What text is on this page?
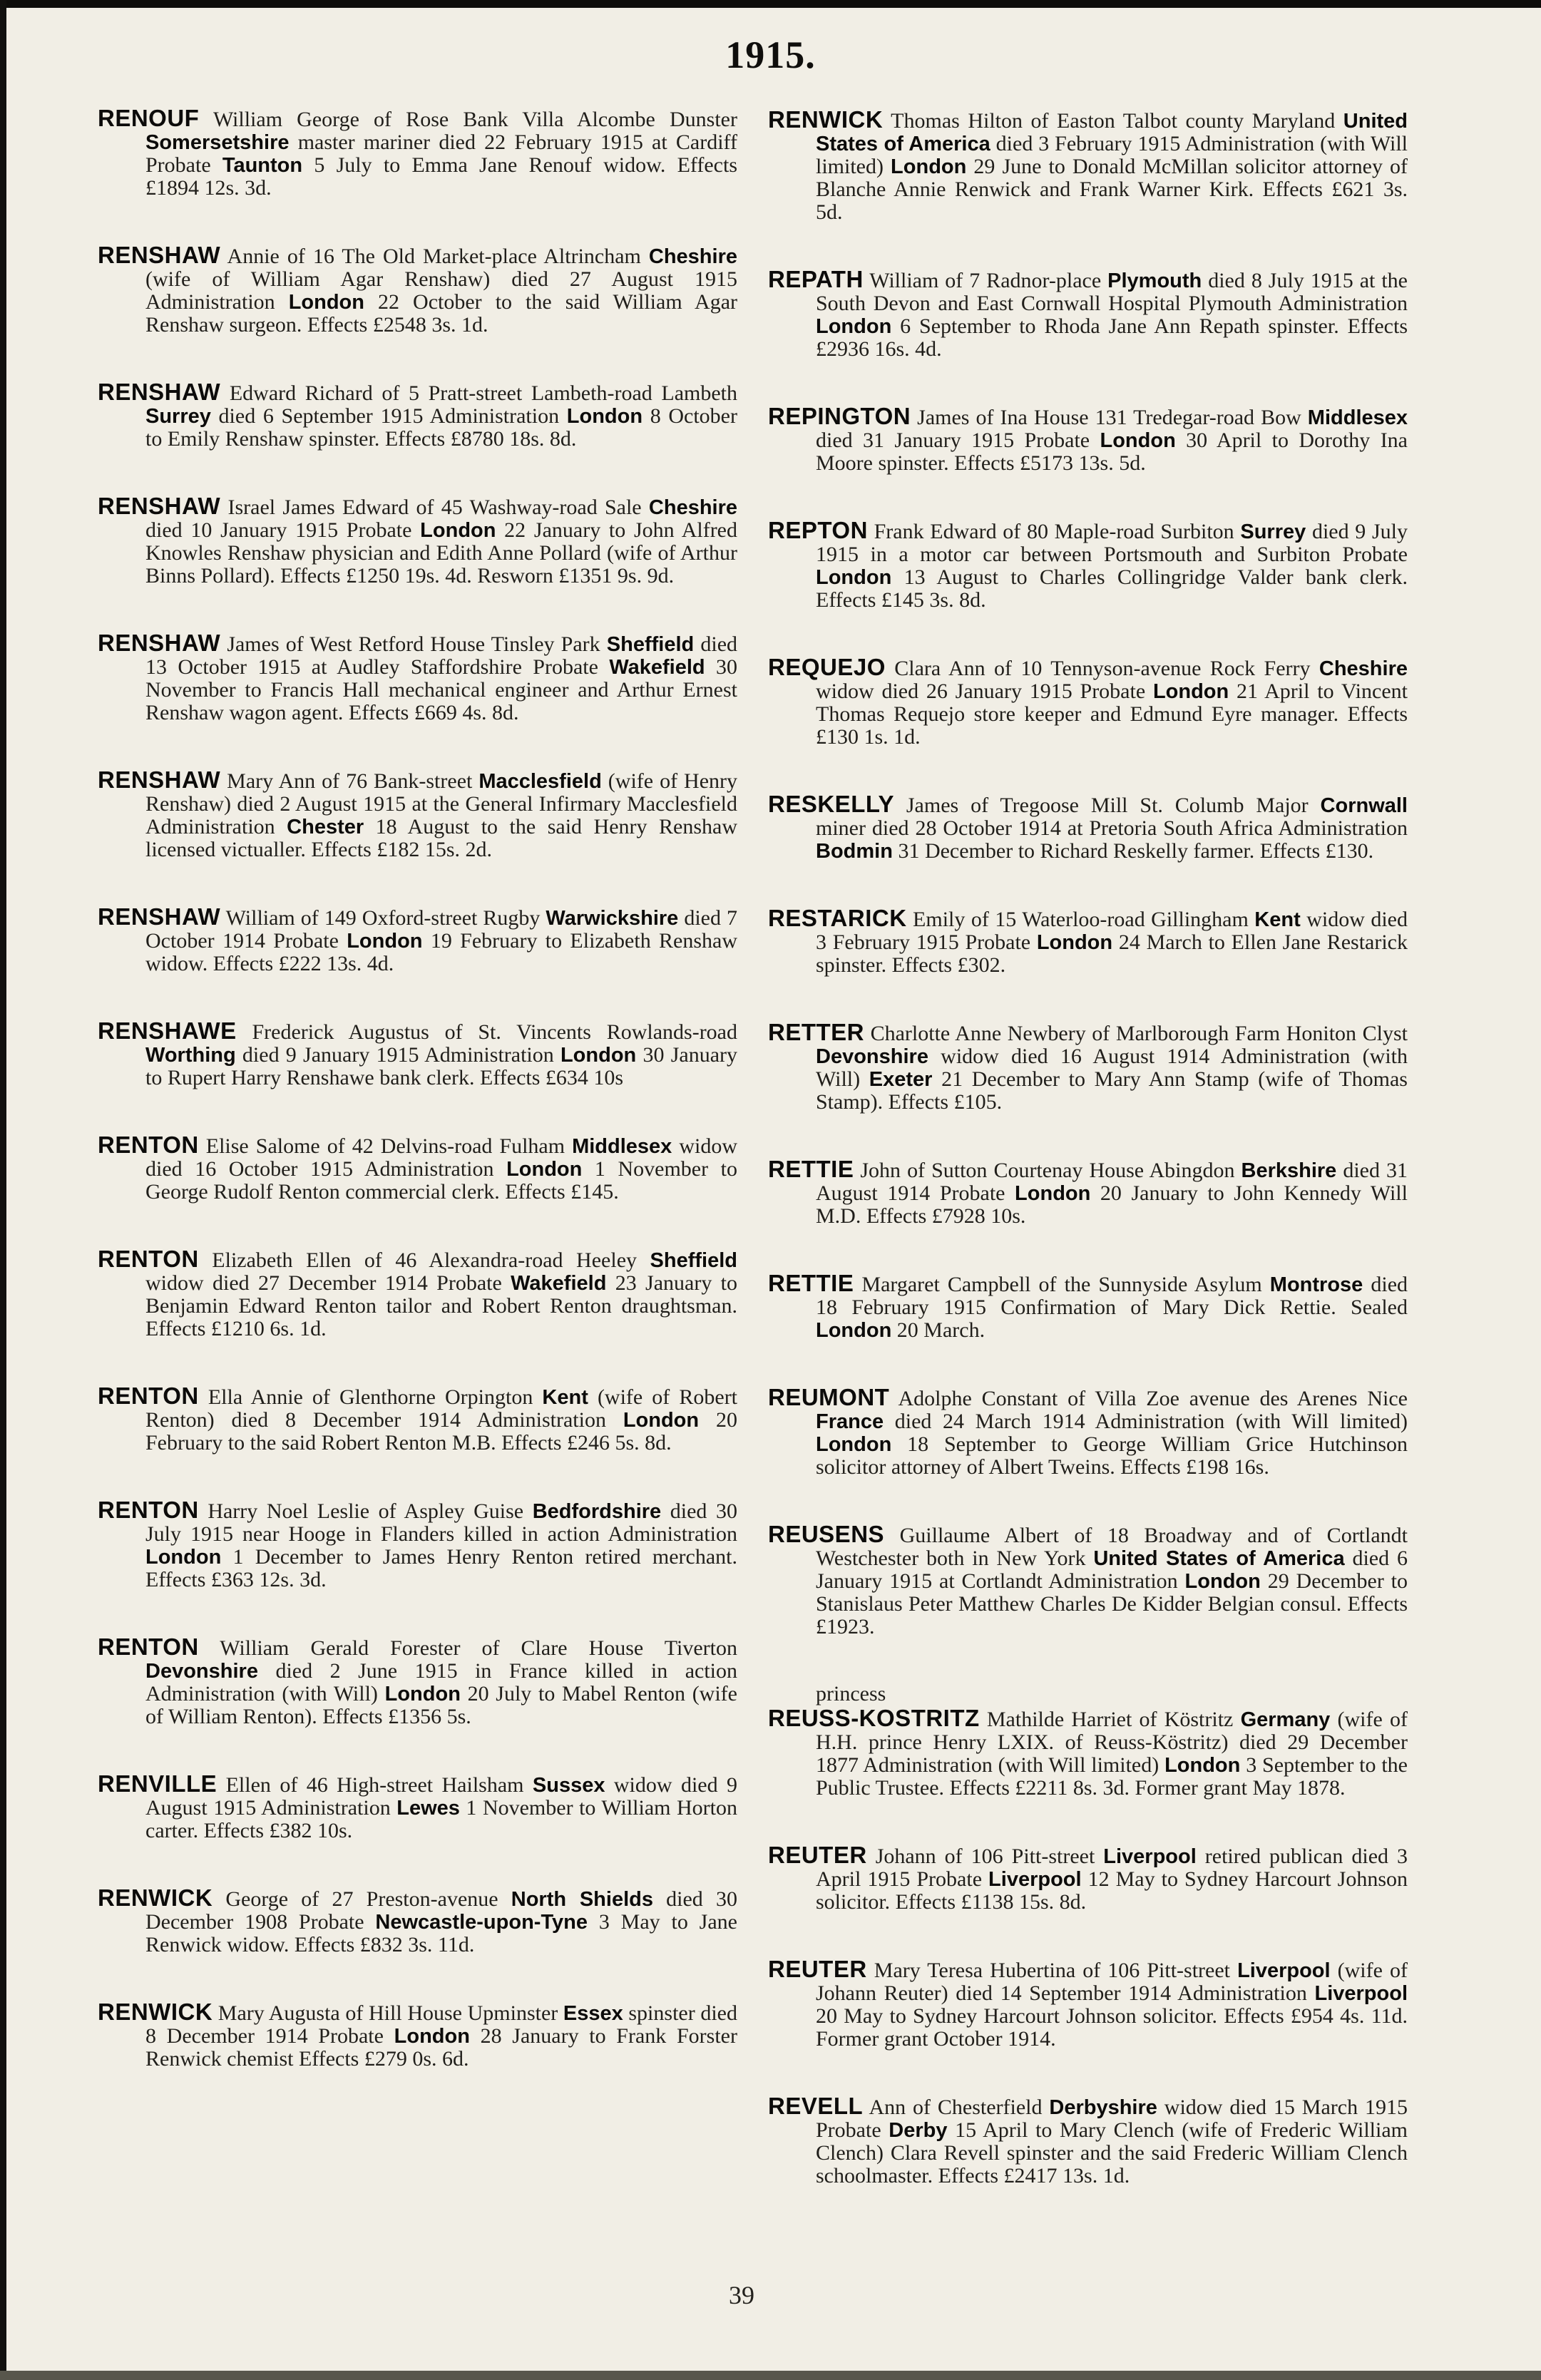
1915.

RENOUF William George of Rose Bank Villa Alcombe Dunster Somersetshire master mariner died 22 February 1915 at Cardiff Probate Taunton 5 July to Emma Jane Renouf widow. Effects £1894 12s. 3d.

RENSHAW Annie of 16 The Old Market-place Altrincham Cheshire (wife of William Agar Renshaw) died 27 August 1915 Administration London 22 October to the said William Agar Renshaw surgeon. Effects £2548 3s. 1d.

RENSHAW Edward Richard of 5 Pratt-street Lambeth-road Lambeth Surrey died 6 September 1915 Administration London 8 October to Emily Renshaw spinster. Effects £8780 18s. 8d.

RENSHAW Israel James Edward of 45 Washway-road Sale Cheshire died 10 January 1915 Probate London 22 January to John Alfred Knowles Renshaw physician and Edith Anne Pollard (wife of Arthur Binns Pollard). Effects £1250 19s. 4d. Resworn £1351 9s. 9d.

RENSHAW James of West Retford House Tinsley Park Sheffield died 13 October 1915 at Audley Staffordshire Probate Wakefield 30 November to Francis Hall mechanical engineer and Arthur Ernest Renshaw wagon agent. Effects £669 4s. 8d.

RENSHAW Mary Ann of 76 Bank-street Macclesfield (wife of Henry Renshaw) died 2 August 1915 at the General Infirmary Macclesfield Administration Chester 18 August to the said Henry Renshaw licensed victualler. Effects £182 15s. 2d.

RENSHAW William of 149 Oxford-street Rugby Warwickshire died 7 October 1914 Probate London 19 February to Elizabeth Renshaw widow. Effects £222 13s. 4d.

RENSHAWE Frederick Augustus of St. Vincents Rowlands-road Worthing died 9 January 1915 Administration London 30 January to Rupert Harry Renshawe bank clerk. Effects £634 10s

RENTON Elise Salome of 42 Delvins-road Fulham Middlesex widow died 16 October 1915 Administration London 1 November to George Rudolf Renton commercial clerk. Effects £145.

RENTON Elizabeth Ellen of 46 Alexandra-road Heeley Sheffield widow died 27 December 1914 Probate Wakefield 23 January to Benjamin Edward Renton tailor and Robert Renton draughtsman. Effects £1210 6s. 1d.

RENTON Ella Annie of Glenthorne Orpington Kent (wife of Robert Renton) died 8 December 1914 Administration London 20 February to the said Robert Renton M.B. Effects £246 5s. 8d.

RENTON Harry Noel Leslie of Aspley Guise Bedfordshire died 30 July 1915 near Hooge in Flanders killed in action Administration London 1 December to James Henry Renton retired merchant. Effects £363 12s. 3d.

RENTON William Gerald Forester of Clare House Tiverton Devonshire died 2 June 1915 in France killed in action Administration (with Will) London 20 July to Mabel Renton (wife of William Renton). Effects £1356 5s.

RENVILLE Ellen of 46 High-street Hailsham Sussex widow died 9 August 1915 Administration Lewes 1 November to William Horton carter. Effects £382 10s.

RENWICK George of 27 Preston-avenue North Shields died 30 December 1908 Probate Newcastle-upon-Tyne 3 May to Jane Renwick widow. Effects £832 3s. 11d.

RENWICK Mary Augusta of Hill House Upminster Essex spinster died 8 December 1914 Probate London 28 January to Frank Forster Renwick chemist Effects £279 0s. 6d.

RENWICK Thomas Hilton of Easton Talbot county Maryland United States of America died 3 February 1915 Administration (with Will limited) London 29 June to Donald McMillan solicitor attorney of Blanche Annie Renwick and Frank Warner Kirk. Effects £621 3s. 5d.

REPATH William of 7 Radnor-place Plymouth died 8 July 1915 at the South Devon and East Cornwall Hospital Plymouth Administration London 6 September to Rhoda Jane Ann Repath spinster. Effects £2936 16s. 4d.

REPINGTON James of Ina House 131 Tredegar-road Bow Middlesex died 31 January 1915 Probate London 30 April to Dorothy Ina Moore spinster. Effects £5173 13s. 5d.

REPTON Frank Edward of 80 Maple-road Surbiton Surrey died 9 July 1915 in a motor car between Portsmouth and Surbiton Probate London 13 August to Charles Collingridge Valder bank clerk. Effects £145 3s. 8d.

REQUEJO Clara Ann of 10 Tennyson-avenue Rock Ferry Cheshire widow died 26 January 1915 Probate London 21 April to Vincent Thomas Requejo store keeper and Edmund Eyre manager. Effects £130 1s. 1d.

RESKELLY James of Tregoose Mill St. Columb Major Cornwall miner died 28 October 1914 at Pretoria South Africa Administration Bodmin 31 December to Richard Reskelly farmer. Effects £130.

RESTARICK Emily of 15 Waterloo-road Gillingham Kent widow died 3 February 1915 Probate London 24 March to Ellen Jane Restarick spinster. Effects £302.

RETTER Charlotte Anne Newbery of Marlborough Farm Honiton Clyst Devonshire widow died 16 August 1914 Administration (with Will) Exeter 21 December to Mary Ann Stamp (wife of Thomas Stamp). Effects £105.

RETTIE John of Sutton Courtenay House Abingdon Berkshire died 31 August 1914 Probate London 20 January to John Kennedy Will M.D. Effects £7928 10s.

RETTIE Margaret Campbell of the Sunnyside Asylum Montrose died 18 February 1915 Confirmation of Mary Dick Rettie. Sealed London 20 March.

REUMONT Adolphe Constant of Villa Zoe avenue des Arenes Nice France died 24 March 1914 Administration (with Will limited) London 18 September to George William Grice Hutchinson solicitor attorney of Albert Tweins. Effects £198 16s.

REUSENS Guillaume Albert of 18 Broadway and of Cortlandt Westchester both in New York United States of America died 6 January 1915 at Cortlandt Administration London 29 December to Stanislaus Peter Matthew Charles De Kidder Belgian consul. Effects £1923.

princess

REUSS-KOSTRITZ Mathilde Harriet of Köstritz Germany (wife of H.H. prince Henry LXIX. of Reuss-Köstritz) died 29 December 1877 Administration (with Will limited) London 3 September to the Public Trustee. Effects £2211 8s. 3d. Former grant May 1878.

REUTER Johann of 106 Pitt-street Liverpool retired publican died 3 April 1915 Probate Liverpool 12 May to Sydney Harcourt Johnson solicitor. Effects £1138 15s. 8d.

REUTER Mary Teresa Hubertina of 106 Pitt-street Liverpool (wife of Johann Reuter) died 14 September 1914 Administration Liverpool 20 May to Sydney Harcourt Johnson solicitor. Effects £954 4s. 11d. Former grant October 1914.

REVELL Ann of Chesterfield Derbyshire widow died 15 March 1915 Probate Derby 15 April to Mary Clench (wife of Frederic William Clench) Clara Revell spinster and the said Frederic William Clench schoolmaster. Effects £2417 13s. 1d.

39
